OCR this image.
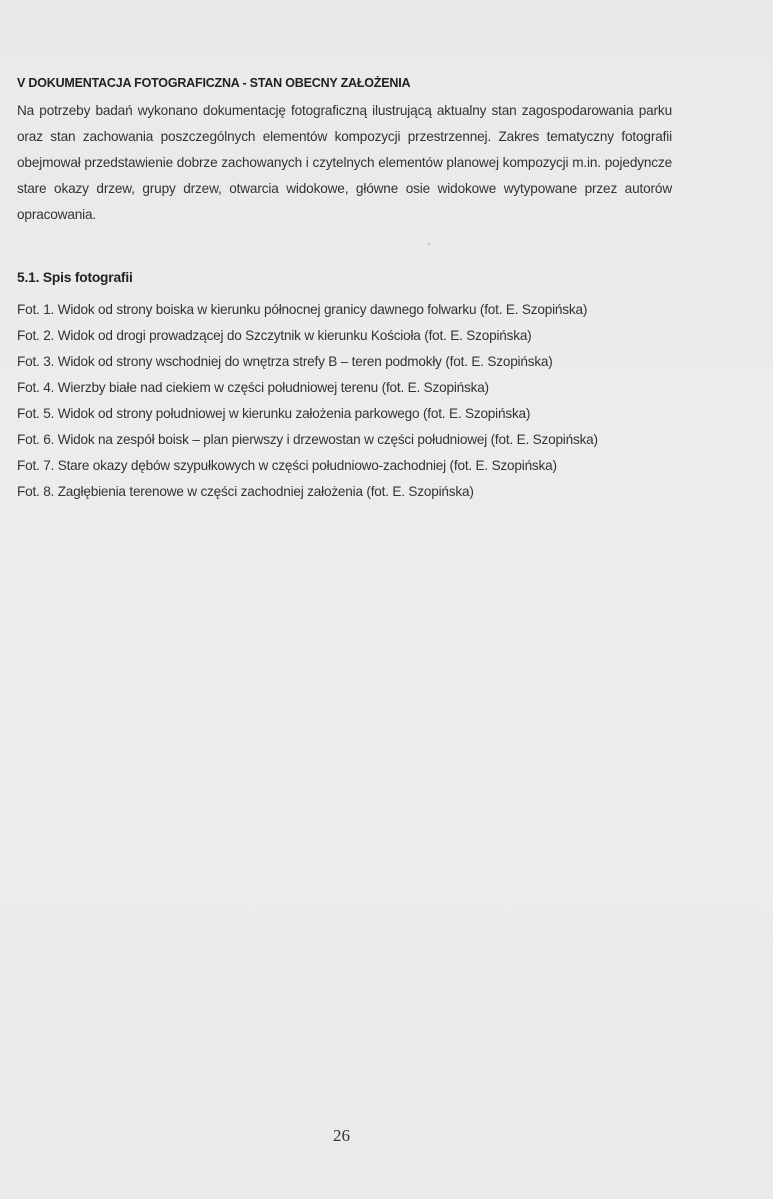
V DOKUMENTACJA FOTOGRAFICZNA - STAN OBECNY ZAŁOŻENIA
Na potrzeby badań wykonano dokumentację fotograficzną ilustrującą aktualny stan zagospodarowania parku
oraz stan zachowania poszczególnych elementów kompozycji przestrzennej. Zakres tematyczny fotografii
obejmował przedstawienie dobrze zachowanych i czytelnych elementów planowej kompozycji m.in. pojedyncze
stare okazy drzew, grupy drzew, otwarcia widokowe, główne osie widokowe wytypowane przez autorów
opracowania.
5.1. Spis fotografii
Fot. 1. Widok od strony boiska w kierunku północnej granicy dawnego folwarku (fot. E. Szopińska)
Fot. 2. Widok od drogi prowadzącej do Szczytnik w kierunku Kościoła (fot. E. Szopińska)
Fot. 3. Widok od strony wschodniej do wnętrza strefy B – teren podmokły (fot. E. Szopińska)
Fot. 4. Wierzby białe nad ciekiem w części południowej terenu (fot. E. Szopińska)
Fot. 5. Widok od strony południowej w kierunku założenia parkowego (fot. E. Szopińska)
Fot. 6. Widok na zespół boisk – plan pierwszy i drzewostan w części południowej (fot. E. Szopińska)
Fot. 7. Stare okazy dębów szypułkowych w części południowo-zachodniej (fot. E. Szopińska)
Fot. 8. Zagłębienia terenowe w części zachodniej założenia (fot. E. Szopińska)
26
